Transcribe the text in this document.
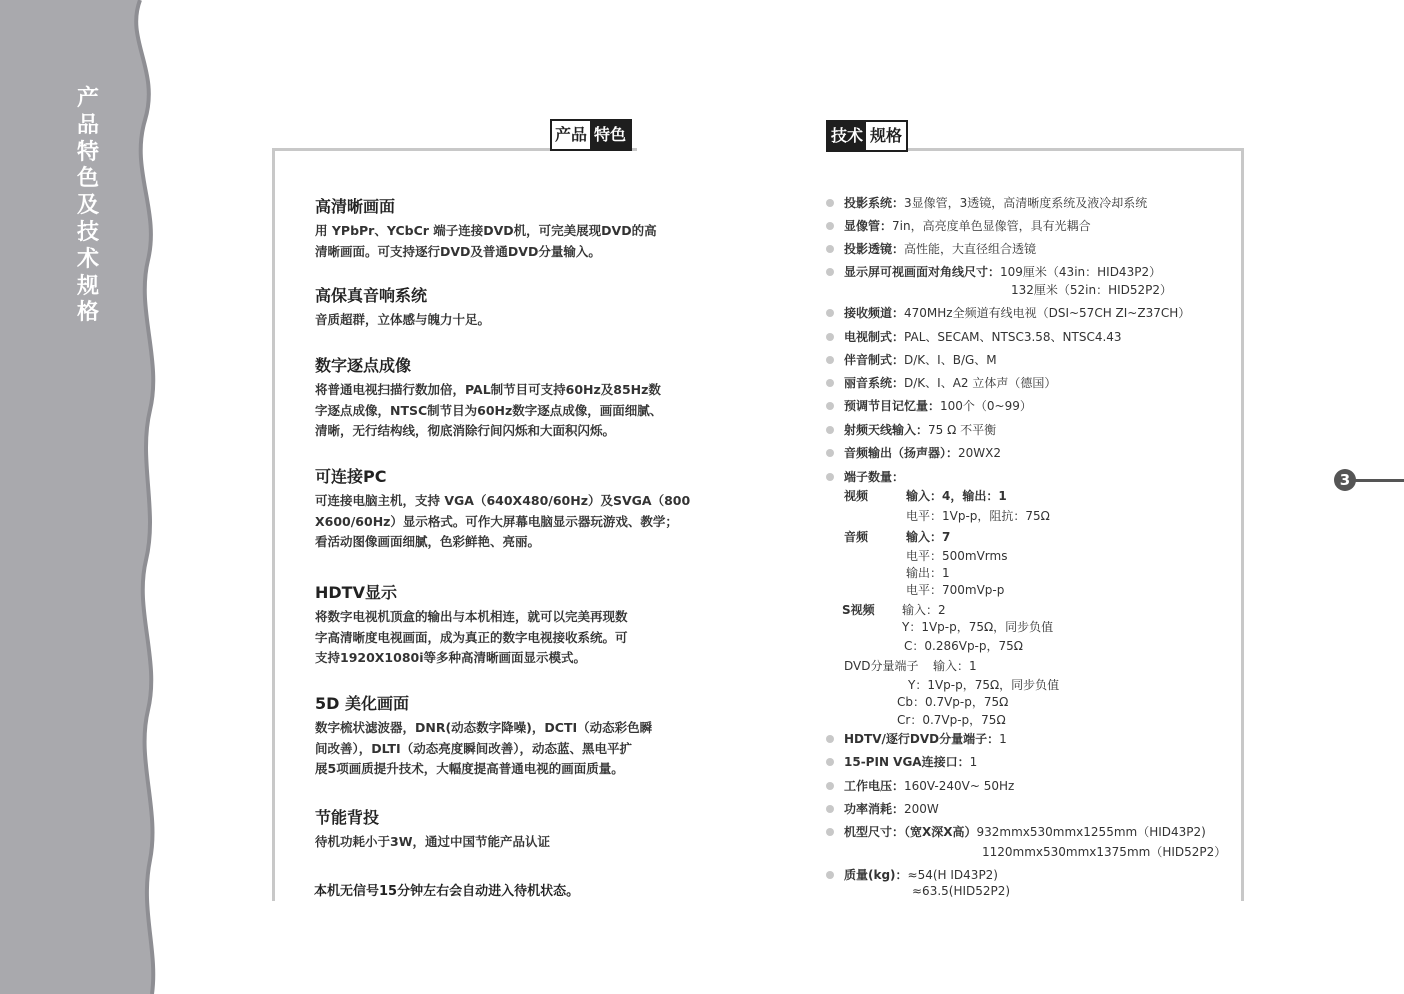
产
品
特
色
及
技
术
规
格
产品 特色	技术 规格
高清晰画面

用 YPbPr、YCbCr 端子连接DVD机，可完美展现DVD的高

清晰画面。可支持逐行DVD及普通DVD分量输入。

高保真音响系统

音质超群，立体感与魄力十足。

数字逐点成像

将普通电视扫描行数加倍，PAL制节目可支持60Hz及85Hz数

字逐点成像，NTSC制节目为60Hz数字逐点成像，画面细腻、

清晰，无行结构线，彻底消除行间闪烁和大面积闪烁。

可连接PC

可连接电脑主机，支持 VGA（640X480/60Hz）及SVGA（800

X600/60Hz）显示格式。可作大屏幕电脑显示器玩游戏、教学；

看活动图像画面细腻，色彩鲜艳、亮丽。

HDTV显示

将数字电视机顶盒的输出与本机相连，就可以完美再现数

字高清晰度电视画面，成为真正的数字电视接收系统。可

支持1920X1080i等多种高清晰画面显示模式。

5D 美化画面

数字梳状滤波器，DNR(动态数字降噪)，DCTI（动态彩色瞬

间改善），DLTI（动态亮度瞬间改善），动态蓝、黑电平扩

展5项画质提升技术，大幅度提高普通电视的画面质量。

节能背投

待机功耗小于3W，通过中国节能产品认证

本机无信号15分钟左右会自动进入待机状态。
投影系统：3显像管，3透镜，高清晰度系统及液冷却系统
显像管：7in，高亮度单色显像管，具有光耦合
投影透镜：高性能，大直径组合透镜
显示屏可视画面对角线尺寸：109厘米（43in：HID43P2）
132厘米（52in：HID52P2）
接收频道：470MHz全频道有线电视（DSI~57CH ZI~Z37CH）
电视制式：PAL、SECAM、NTSC3.58、NTSC4.43
伴音制式：D/K、I、B/G、M
丽音系统：D/K、I、A2 立体声（德国）
预调节目记忆量：100个（0~99）
射频天线输入：75 Ω 不平衡
音频输出（扬声器）：20WX2
端子数量：
视频	输入：4，输出：1
电平：1Vp-p，阻抗：75Ω
音频	输入：7
电平：500mVrms
输出：1
电平：700mVp-p
S视频 输入：2
Y：1Vp-p，75Ω，同步负值
C：0.286Vp-p，75Ω
DVD分量端子 输入：1
Y：1Vp-p，75Ω，同步负值
Cb：0.7Vp-p，75Ω
Cr：0.7Vp-p，75Ω
HDTV/逐行DVD分量端子：1
15-PIN VGA连接口：1
工作电压：160V-240V~ 50Hz
功率消耗：200W
机型尺寸：（宽X深X高）932mmx530mmx1255mm（HID43P2)
1120mmx530mmx1375mm（HID52P2）
质量(kg)：≈54(H ID43P2)
≈63.5(HID52P2)
3
